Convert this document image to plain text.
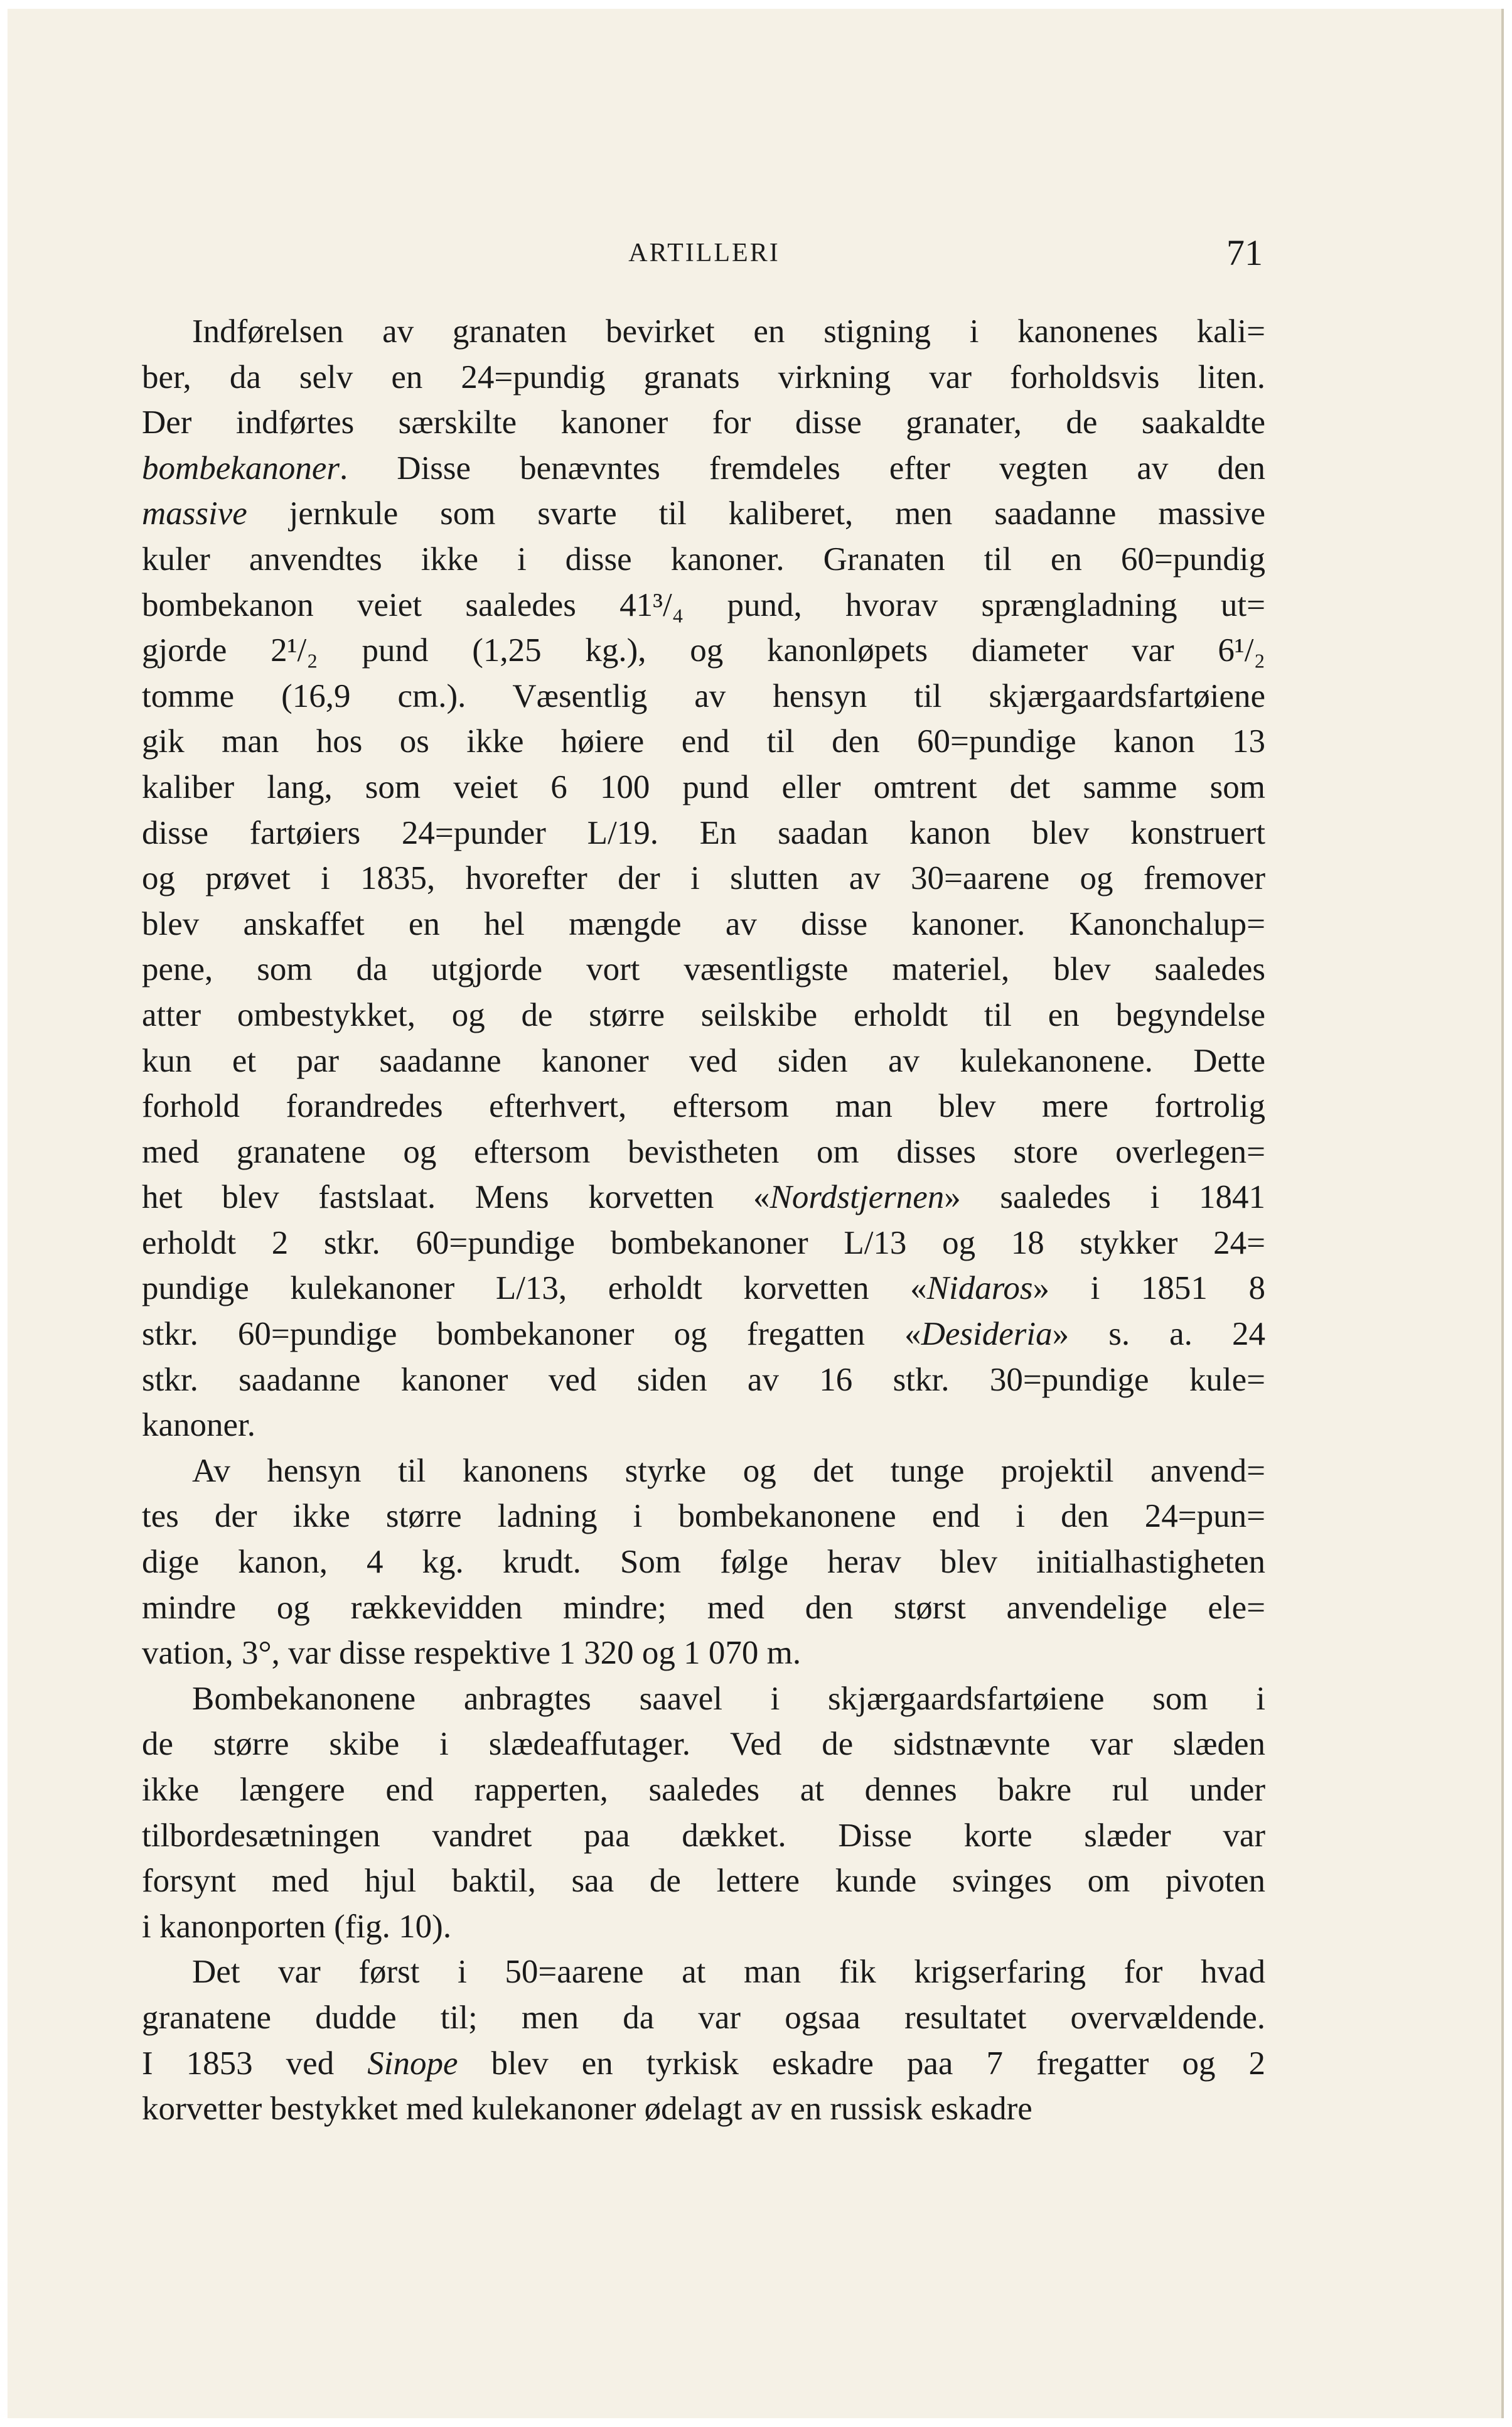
ARTILLERI	71
Indførelsen av granaten bevirket en stigning i kanonenes kali=
ber, da selv en 24=pundig granats virkning var forholdsvis liten.
Der indførtes særskilte kanoner for disse granater, de saakaldte
bombekanoner. Disse benævntes fremdeles efter vegten av den
massive jernkule som svarte til kaliberet, men saadanne massive
kuler anvendtes ikke i disse kanoner. Granaten til en 60=pundig
bombekanon veiet saaledes 41³/₄ pund, hvorav sprængladning ut=
gjorde 2¹/₂ pund (1,25 kg.), og kanonløpets diameter var 6¹/₂
tomme (16,9 cm.). Væsentlig av hensyn til skjærgaardsfartøiene
gik man hos os ikke høiere end til den 60=pundige kanon 13
kaliber lang, som veiet 6 100 pund eller omtrent det samme som
disse fartøiers 24=punder L/19. En saadan kanon blev konstruert
og prøvet i 1835, hvorefter der i slutten av 30=aarene og fremover
blev anskaffet en hel mængde av disse kanoner. Kanonchalup=
pene, som da utgjorde vort væsentligste materiel, blev saaledes
atter ombestykket, og de større seilskibe erholdt til en begyndelse
kun et par saadanne kanoner ved siden av kulekanonene. Dette
forhold forandredes efterhvert, eftersom man blev mere fortrolig
med granatene og eftersom bevistheten om disses store overlegen=
het blev fastslaat. Mens korvetten «Nordstjernen» saaledes i 1841
erholdt 2 stkr. 60=pundige bombekanoner L/13 og 18 stykker 24=
pundige kulekanoner L/13, erholdt korvetten «Nidaros» i 1851 8
stkr. 60=pundige bombekanoner og fregatten «Desideria» s. a. 24
stkr. saadanne kanoner ved siden av 16 stkr. 30=pundige kule=
kanoner.
Av hensyn til kanonens styrke og det tunge projektil anvend=
tes der ikke større ladning i bombekanonene end i den 24=pun=
dige kanon, 4 kg. krudt. Som følge herav blev initialhastigheten
mindre og rækkevidden mindre; med den størst anvendelige ele=
vation, 3°, var disse respektive 1 320 og 1 070 m.
Bombekanonene anbragtes saavel i skjærgaardsfartøiene som i
de større skibe i slædeaffutager. Ved de sidstnævnte var slæden
ikke længere end rapperten, saaledes at dennes bakre rul under
tilbordesætningen vandret paa dækket. Disse korte slæder var
forsynt med hjul baktil, saa de lettere kunde svinges om pivoten
i kanonporten (fig. 10).
Det var først i 50=aarene at man fik krigserfaring for hvad
granatene dudde til; men da var ogsaa resultatet overvældende.
I 1853 ved Sinope blev en tyrkisk eskadre paa 7 fregatter og 2
korvetter bestykket med kulekanoner ødelagt av en russisk eskadre
